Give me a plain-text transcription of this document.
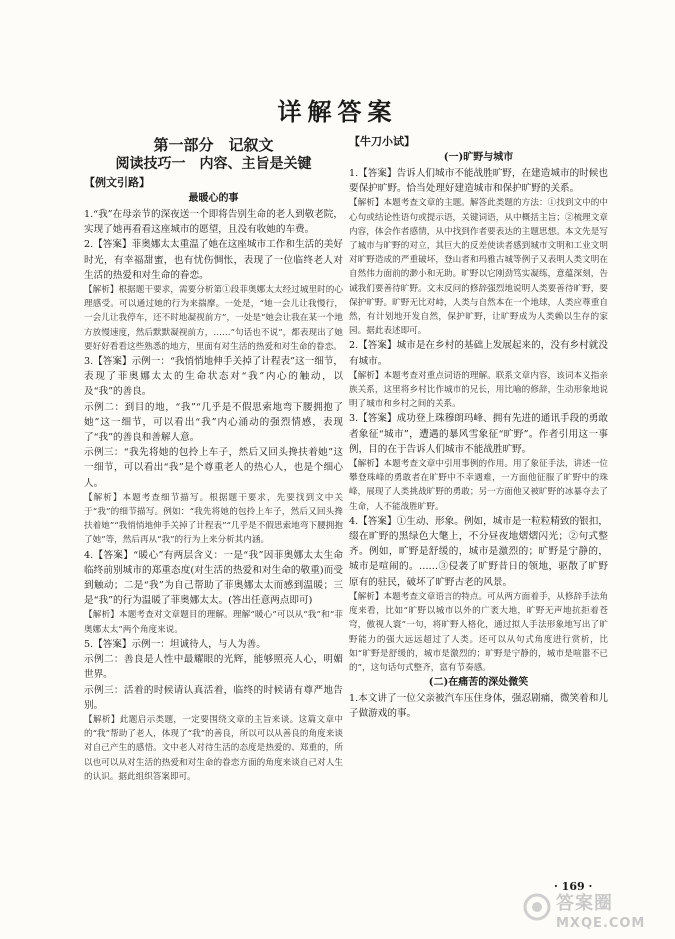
详解答案
第一部分　记叙文
阅读技巧一　内容、主旨是关键
【例文引路】
最暖心的事

1.“我”在母亲节的深夜送一个即将告别生命的老人到敬老院，实现了她再看看这座城市的愿望，且没有收她的车费。

2.【答案】菲奥娜太太重温了她在这座城市工作和生活的美好时光，有幸福甜蜜，也有忧伤惆怅，表现了一位临终老人对生活的热爱和对生命的眷恋。

【解析】根据题干要求，需要分析第①段菲奥娜太太经过城里时的心理感受。可以通过她的行为来揣摩。一处是，“她一会儿让我慢行，一会儿让我停车，还不时地凝视前方”，一处是“她会让我在某一个地方放慢速度，然后默默凝视前方，……”句话也不说”，都表现出了她要好好看看这些熟悉的地方，里面有对生活的热爱和对生命的眷恋。

3.【答案】示例一：“我悄悄地伸手关掉了计程表”这一细节，表现了菲奥娜太太的生命状态对“我”内心的触动，以及“我”的善良。

示例二：到目的地，“我”“几乎是不假思索地弯下腰拥抱了她”这一细节，可以看出“我”内心涌动的强烈情感，表现了“我”的善良和善解人意。

示例三：“我先将她的包拎上车子，然后又回头搀扶着她”这一细节，可以看出“我”是个尊重老人的热心人，也是个细心人。

【解析】本题考查细节描写。根据题干要求，先要找到文中关于“我”的细节描写。例如：“我先将她的包拎上车子，然后又回头搀扶着她”“我悄悄地伸手关掉了计程表”“几乎是不假思索地弯下腰拥抱了她”等，然后再从“我”的行为上来分析其内涵。

4.【答案】“暖心”有两层含义：一是“我”因菲奥娜太太生命临终前别城市的郑重态度(对生活的热爱和对生命的敬重)而受到触动；二是“我”为自己帮助了菲奥娜太太而感到温暖；三是“我”的行为温暖了菲奥娜太太。(答出任意两点即可)

【解析】本题考查对文章题目的理解。理解“暖心”可以从“我”和“菲奥娜太太”两个角度来说。

5.【答案】示例一：坦诚待人，与人为善。

示例二：善良是人性中最耀眼的光辉，能够照亮人心，明媚世界。

示例三：活着的时候请认真活着，临终的时候请有尊严地告别。

【解析】此题启示类题，一定要围绕文章的主旨来谈。这篇文章中的“我”帮助了老人，体现了“我”的善良，所以可以从善良的角度来谈对自己产生的感悟。文中老人对待生活的态度是热爱的、郑重的，所以也可以从对生活的热爱和对生命的眷恋方面的角度来谈自己对人生的认识。据此组织答案即可。

【牛刀小试】
(一)旷野与城市

1.【答案】告诉人们城市不能战胜旷野，在建造城市的时候也要保护旷野。恰当处理好建造城市和保护旷野的关系。

【解析】本题考查文章的主题。解答此类题的方法：①找到文中的中心句或结论性语句或提示语，关键词语，从中概括主旨；②梳理文章内容，体会作者感情，从中找到作者要表达的主题思想。本文先是写了城市与旷野的对立，其巨大的反差使读者感到城市文明和工业文明对旷野造成的严重破坏，登山者和玛雅古城等例子又表明人类文明在自然伟力面前的渺小和无助。旷野以它刚劲笃实凝练，意蕴深刻，告诫我们要善待旷野。文末反问的修辞强烈地说明人类要善待旷野，要保护旷野。旷野无比对峙，人类与自然本在一个地球，人类应尊重自然，有计划地开发自然，保护旷野，让旷野成为人类赖以生存的家园。据此表述即可。

2.【答案】城市是在乡村的基础上发展起来的，没有乡村就没有城市。

【解析】本题考查对重点词语的理解。联系文章内容，该词本义指亲族关系，这里将乡村比作城市的兄长，用比喻的修辞，生动形象地说明了城市和乡村之间的关系。

3.【答案】成功登上珠穆朗玛峰、拥有先进的通讯手段的勇敢者象征“城市”，遭遇的暴风雪象征“旷野”。作者引用这一事例，目的在于告诉人们城市不能战胜旷野。

【解析】本题考查文章中引用事例的作用。用了象征手法，讲述一位攀登珠峰的勇敢者在旷野中不幸遇难，一方面他征服了旷野中的珠峰，展现了人类挑战旷野的勇敢；另一方面他又被旷野的冰暴夺去了生命，人不能战胜旷野。

4.【答案】①生动、形象。例如，城市是一粒粒精致的银扣，缀在旷野的黑绿色大氅上，不分昼夜地熠熠闪光；②句式整齐。例如，旷野是舒缓的，城市是激烈的；旷野是宁静的，城市是喧闹的。……③侵袭了旷野昔日的领地，驱散了旷野原有的驻民，破坏了旷野古老的风景。

【解析】本题考查文章语言的特点。可从两方面着手，从修辞手法角度来看，比如“旷野以城市以外的广袤大地，旷野无声地抗拒着苍穹，傲视人寰”一句，将旷野人格化，通过拟人手法形象地写出了旷野能力的强大远远超过了人类。还可以从句式角度进行赏析，比如“旷野是舒缓的，城市是激烈的；旷野是宁静的，城市是喧嚣不已的”，这句话句式整齐，富有节奏感。

(二)在痛苦的深处微笑

1.本文讲了一位父亲被汽车压住身体，强忍剧痛，微笑着和儿子做游戏的事。

· 169 ·
答案圈
MXQE.COM
